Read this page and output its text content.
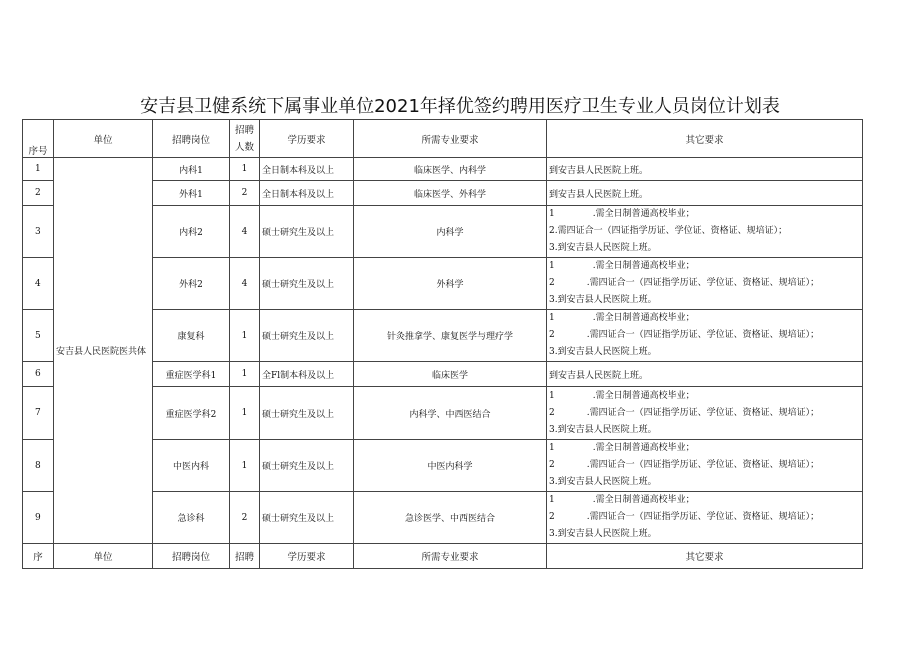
安吉县卫健系统下属事业单位2021年择优签约聘用医疗卫生专业人员岗位计划表
序号	单位	招聘岗位	招聘
人数	学历要求	所需专业要求	其它要求
1	安吉县人民医院医共体	内科1	1	全日制本科及以上	临床医学、内科学	到安吉县人民医院上班。
2		外科1	2	全日制本科及以上	临床医学、外科学	到安吉县人民医院上班。
3		内科2	4	硕士研究生及以上	内科学	1 .需全日制普通高校毕业；
2.需四证合一（四证指学历证、学位证、资格证、规培证）；
3.到安吉县人民医院上班。

4		外科2	4	硕士研究生及以上	外科学	1 .需全日制普通高校毕业；
2 .需四证合一（四证指学历证、学位证、资格证、规培证）；
3.到安吉县人民医院上班。

5		康复科	1	硕士研究生及以上	针灸推拿学、康复医学与理疗学	1 .需全日制普通高校毕业；
2 .需四证合一（四证指学历证、学位证、资格证、规培证）；
3.到安吉县人民医院上班。

6		重症医学科1	1	全Fl制本科及以上	临床医学	到安吉县人民医院上班。
7		重症医学科2	1	硕士研究生及以上	内科学、中西医结合	1 .需全日制普通高校毕业；
2 .需四证合一（四证指学历证、学位证、资格证、规培证）；
3.到安吉县人民医院上班。

8		中医内科	1	硕士研究生及以上	中医内科学	1 .需全日制普通高校毕业；
2 .需四证合一（四证指学历证、学位证、资格证、规培证）；
3.到安吉县人民医院上班。

9		急诊科	2	硕士研究生及以上	急诊医学、中西医结合	1 .需全日制普通高校毕业；
2 .需四证合一（四证指学历证、学位证、资格证、规培证）；
3.到安吉县人民医院上班。

序	单位	招聘岗位	招聘	学历要求	所需专业要求	其它要求
